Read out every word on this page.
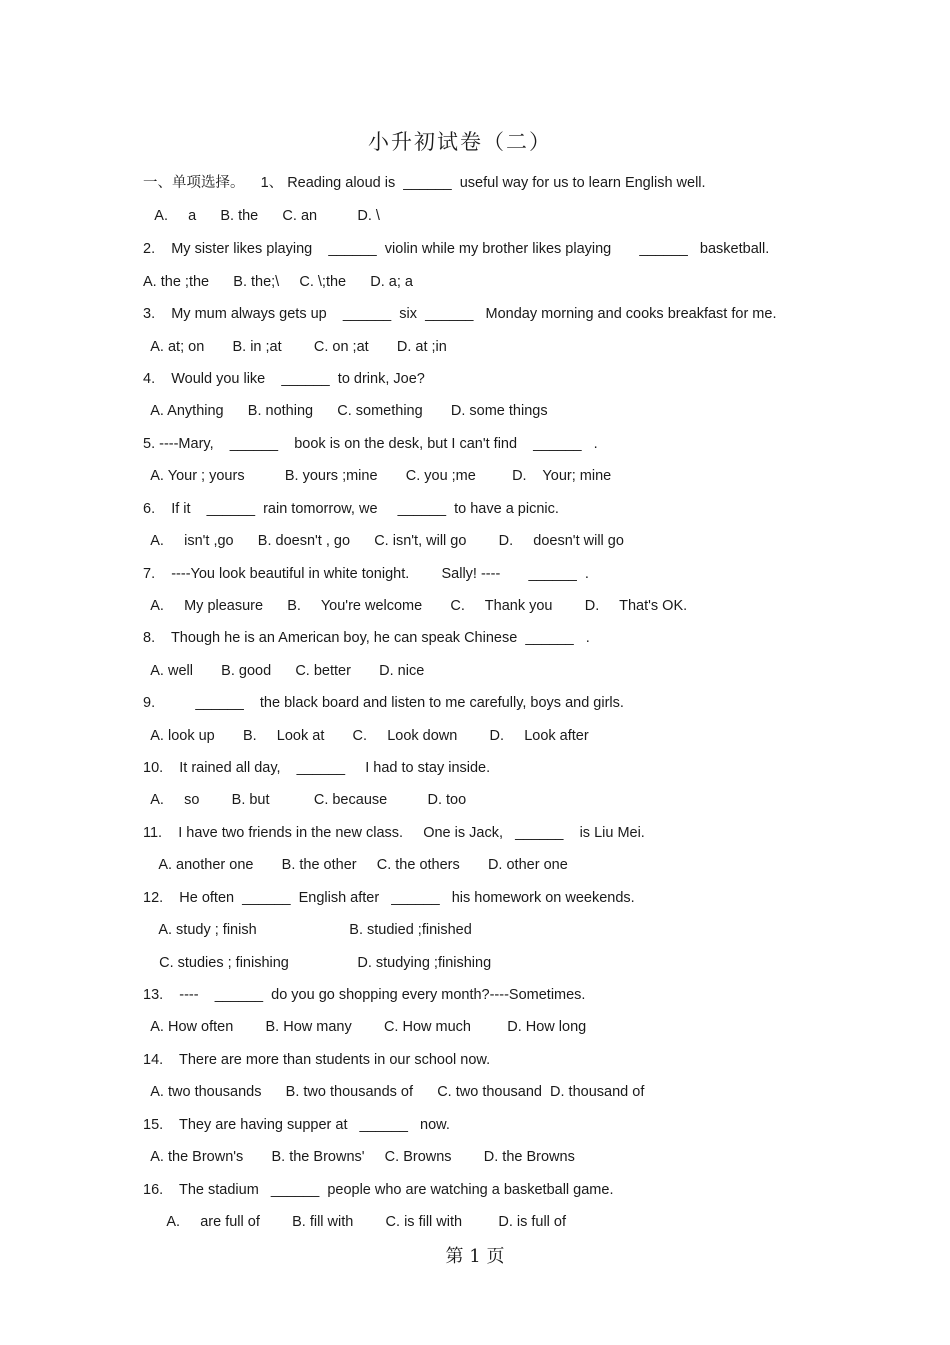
小升初试卷（二）
一、单项选择。    1、 Reading aloud is  ______  useful way for us to learn English well.
A.     a      B. the      C. an          D. \
2.    My sister likes playing    ______  violin while my brother likes playing       ______   basketball.
A. the ;the      B. the;\     C. \;the      D. a; a
3.    My mum always gets up    ______  six  ______   Monday morning and cooks breakfast for me.
A. at; on       B. in ;at        C. on ;at       D. at ;in
4.    Would you like    ______  to drink, Joe?
A. Anything      B. nothing      C. something       D. some things
5. ----Mary,    ______    book is on the desk, but I can't find    ______   .
A. Your ; yours          B. yours ;mine       C. you ;me         D.    Your; mine
6.    If it    ______  rain tomorrow, we     ______  to have a picnic.
A.     isn't ,go      B. doesn't , go      C. isn't, will go        D.     doesn't will go
7.    ----You look beautiful in white tonight.        Sally! ----       ______  .
A.     My pleasure      B.     You're welcome       C.     Thank you        D.     That's OK.
8.    Though he is an American boy, he can speak Chinese  ______   .
A. well       B. good      C. better       D. nice
9.          ______    the black board and listen to me carefully, boys and girls.
A. look up       B.     Look at       C.     Look down        D.     Look after
10.    It rained all day,    ______     I had to stay inside.
A.     so        B. but           C. because          D. too
11.    I have two friends in the new class.     One is Jack,   ______    is Liu Mei.
A. another one       B. the other     C. the others       D. other one
12.    He often  ______  English after   ______   his homework on weekends.
A. study ; finish                       B. studied ;finished
C. studies ; finishing                 D. studying ;finishing
13.    ----    ______  do you go shopping every month?----Sometimes.
A. How often        B. How many        C. How much         D. How long
14.    There are more than students in our school now.
A. two thousands      B. two thousands of      C. two thousand  D. thousand of
15.    They are having supper at   ______   now.
A. the Brown's       B. the Browns'     C. Browns        D. the Browns
16.    The stadium   ______  people who are watching a basketball game.
A.     are full of        B. fill with        C. is fill with         D. is full of
第 1 页
